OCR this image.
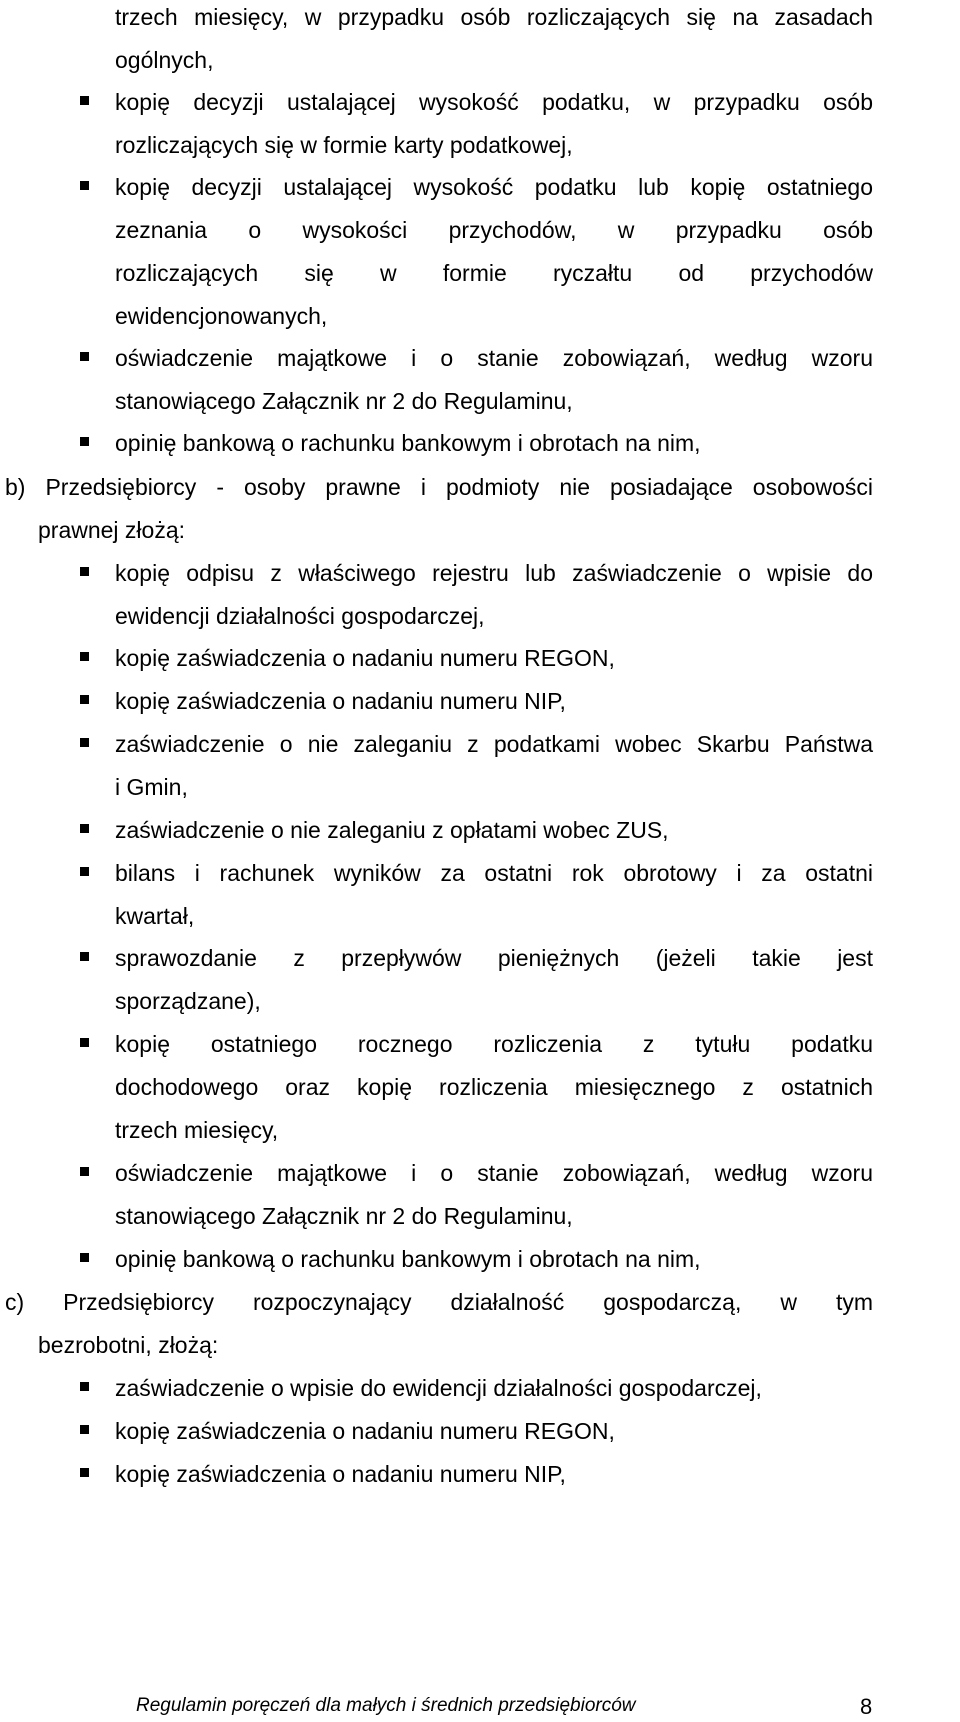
trzech miesięcy, w przypadku osób rozliczających się na zasadach

ogólnych,

kopię decyzji ustalającej wysokość podatku, w przypadku osób

rozliczających się w formie karty podatkowej,

kopię decyzji ustalającej wysokość podatku lub kopię ostatniego

zeznania o wysokości przychodów, w przypadku osób

rozliczających się w formie ryczałtu od przychodów

ewidencjonowanych,

oświadczenie majątkowe i o stanie zobowiązań, według wzoru

stanowiącego Załącznik nr 2 do Regulaminu,

opinię bankową o rachunku bankowym i obrotach na nim,

b) Przedsiębiorcy - osoby prawne i podmioty nie posiadające osobowości

prawnej złożą:

kopię odpisu z właściwego rejestru lub zaświadczenie o wpisie do

ewidencji działalności gospodarczej,

kopię zaświadczenia o nadaniu numeru REGON,

kopię zaświadczenia o nadaniu numeru NIP,

zaświadczenie o nie zaleganiu z podatkami wobec Skarbu Państwa

i Gmin,

zaświadczenie o nie zaleganiu z opłatami wobec ZUS,

bilans i rachunek wyników za ostatni rok obrotowy i za ostatni

kwartał,

sprawozdanie z przepływów pieniężnych (jeżeli takie jest

sporządzane),

kopię ostatniego rocznego rozliczenia z tytułu podatku

dochodowego oraz kopię rozliczenia miesięcznego z ostatnich

trzech miesięcy,

oświadczenie majątkowe i o stanie zobowiązań, według wzoru

stanowiącego Załącznik nr 2 do Regulaminu,

opinię bankową o rachunku bankowym i obrotach na nim,

c) Przedsiębiorcy rozpoczynający działalność gospodarczą, w tym

bezrobotni, złożą:

zaświadczenie o wpisie do ewidencji działalności gospodarczej,

kopię zaświadczenia o nadaniu numeru REGON,

kopię zaświadczenia o nadaniu numeru NIP,

Regulamin poręczeń dla małych i średnich przedsiębiorców	8
